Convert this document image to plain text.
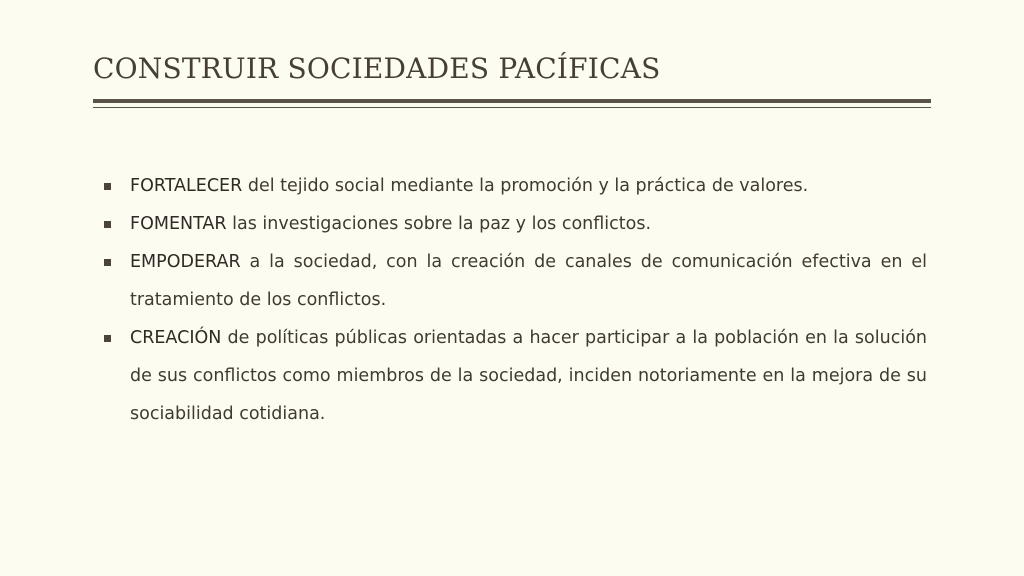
CONSTRUIR SOCIEDADES PACÍFICAS
FORTALECER del tejido social mediante la promoción y la práctica de valores.
FOMENTAR las investigaciones sobre la paz y los conflictos.
EMPODERAR a la sociedad, con la creación de canales de comunicación efectiva en el tratamiento de los conflictos.
CREACIÓN de políticas públicas orientadas a hacer participar a la población en la solución de sus conflictos como miembros de la sociedad, inciden notoriamente en la mejora de su sociabilidad cotidiana.
